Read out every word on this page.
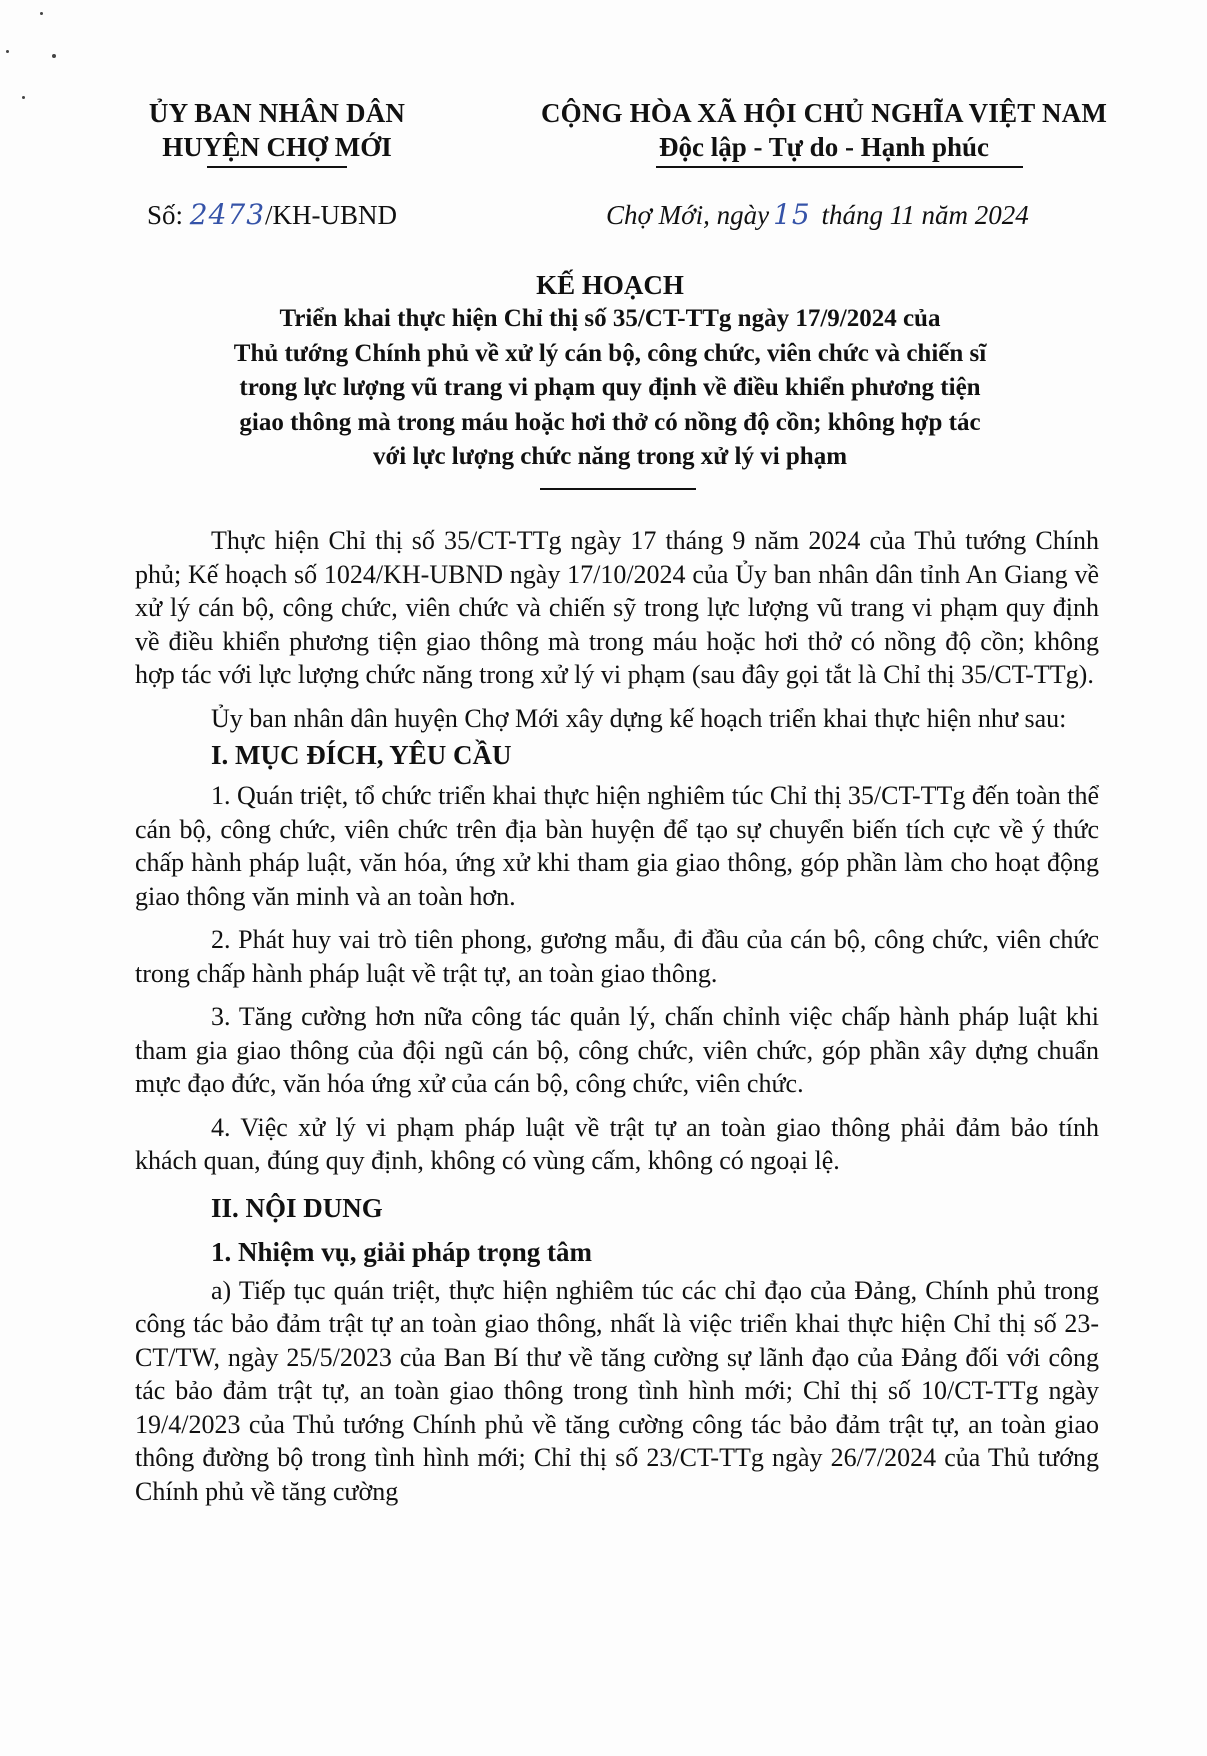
ỦY BAN NHÂN DÂN
HUYỆN CHỢ MỚI
CỘNG HÒA XÃ HỘI CHỦ NGHĨA VIỆT NAM
Độc lập - Tự do - Hạnh phúc
Số: 2473/KH-UBND	Chợ Mới, ngày 15 tháng 11 năm 2024
KẾ HOẠCH
Triển khai thực hiện Chỉ thị số 35/CT-TTg ngày 17/9/2024 của
Thủ tướng Chính phủ về xử lý cán bộ, công chức, viên chức và chiến sĩ
trong lực lượng vũ trang vi phạm quy định về điều khiển phương tiện
giao thông mà trong máu hoặc hơi thở có nồng độ cồn; không hợp tác
với lực lượng chức năng trong xử lý vi phạm

Thực hiện Chỉ thị số 35/CT-TTg ngày 17 tháng 9 năm 2024 của Thủ tướng Chính phủ; Kế hoạch số 1024/KH-UBND ngày 17/10/2024 của Ủy ban nhân dân tỉnh An Giang về xử lý cán bộ, công chức, viên chức và chiến sỹ trong lực lượng vũ trang vi phạm quy định về điều khiển phương tiện giao thông mà trong máu hoặc hơi thở có nồng độ cồn; không hợp tác với lực lượng chức năng trong xử lý vi phạm (sau đây gọi tắt là Chỉ thị 35/CT-TTg).

Ủy ban nhân dân huyện Chợ Mới xây dựng kế hoạch triển khai thực hiện như sau:

I. MỤC ĐÍCH, YÊU CẦU

1. Quán triệt, tổ chức triển khai thực hiện nghiêm túc Chỉ thị 35/CT-TTg đến toàn thể cán bộ, công chức, viên chức trên địa bàn huyện để tạo sự chuyển biến tích cực về ý thức chấp hành pháp luật, văn hóa, ứng xử khi tham gia giao thông, góp phần làm cho hoạt động giao thông văn minh và an toàn hơn.

2. Phát huy vai trò tiên phong, gương mẫu, đi đầu của cán bộ, công chức, viên chức trong chấp hành pháp luật về trật tự, an toàn giao thông.

3. Tăng cường hơn nữa công tác quản lý, chấn chỉnh việc chấp hành pháp luật khi tham gia giao thông của đội ngũ cán bộ, công chức, viên chức, góp phần xây dựng chuẩn mực đạo đức, văn hóa ứng xử của cán bộ, công chức, viên chức.

4. Việc xử lý vi phạm pháp luật về trật tự an toàn giao thông phải đảm bảo tính khách quan, đúng quy định, không có vùng cấm, không có ngoại lệ.

II. NỘI DUNG
1. Nhiệm vụ, giải pháp trọng tâm

a) Tiếp tục quán triệt, thực hiện nghiêm túc các chỉ đạo của Đảng, Chính phủ trong công tác bảo đảm trật tự an toàn giao thông, nhất là việc triển khai thực hiện Chỉ thị số 23-CT/TW, ngày 25/5/2023 của Ban Bí thư về tăng cường sự lãnh đạo của Đảng đối với công tác bảo đảm trật tự, an toàn giao thông trong tình hình mới; Chỉ thị số 10/CT-TTg ngày 19/4/2023 của Thủ tướng Chính phủ về tăng cường công tác bảo đảm trật tự, an toàn giao thông đường bộ trong tình hình mới; Chỉ thị số 23/CT-TTg ngày 26/7/2024 của Thủ tướng Chính phủ về tăng cường
